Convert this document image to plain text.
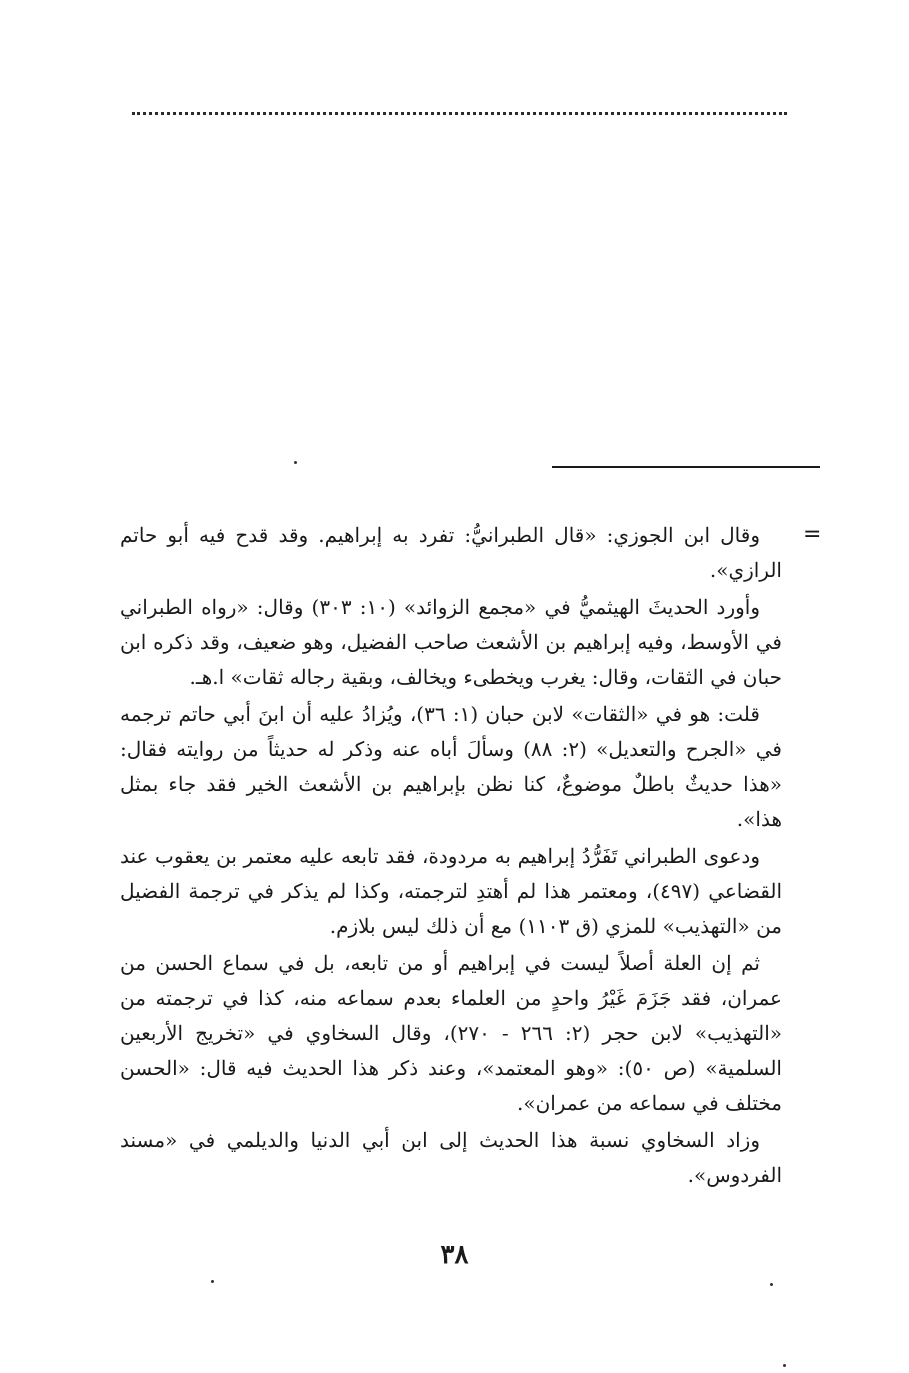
=

وقال ابن الجوزي: «قال الطبرانيُّ: تفرد به إبراهيم. وقد قدح فيه أبو حاتم الرازي».

وأورد الحديثَ الهيثميُّ في «مجمع الزوائد» (١٠: ٣٠٣) وقال: «رواه الطبراني في الأوسط، وفيه إبراهيم بن الأشعث صاحب الفضيل، وهو ضعيف، وقد ذكره ابن حبان في الثقات، وقال: يغرب ويخطىء ويخالف، وبقية رجاله ثقات» ا.هـ.

قلت: هو في «الثقات» لابن حبان (١: ٣٦)، ويُزادُ عليه أن ابنَ أبي حاتم ترجمه في «الجرح والتعديل» (٢: ٨٨) وسألَ أباه عنه وذكر له حديثاً من روايته فقال: «هذا حديثٌ باطلٌ موضوعٌ، كنا نظن بإبراهيم بن الأشعث الخير فقد جاء بمثل هذا».

ودعوى الطبراني تَفَرُّدُ إبراهيم به مردودة، فقد تابعه عليه معتمر بن يعقوب عند القضاعي (٤٩٧)، ومعتمر هذا لم أهتدِ لترجمته، وكذا لم يذكر في ترجمة الفضيل من «التهذيب» للمزي (ق ١١٠٣) مع أن ذلك ليس بلازم.

ثم إن العلة أصلاً ليست في إبراهيم أو من تابعه، بل في سماع الحسن من عمران، فقد جَزَمَ غَيْرُ واحدٍ من العلماء بعدم سماعه منه، كذا في ترجمته من «التهذيب» لابن حجر (٢: ٢٦٦ - ٢٧٠)، وقال السخاوي في «تخريج الأربعين السلمية» (ص ٥٠): «وهو المعتمد»، وعند ذكر هذا الحديث فيه قال: «الحسن مختلف في سماعه من عمران».

وزاد السخاوي نسبة هذا الحديث إلى ابن أبي الدنيا والديلمي في «مسند الفردوس».

٣٨
